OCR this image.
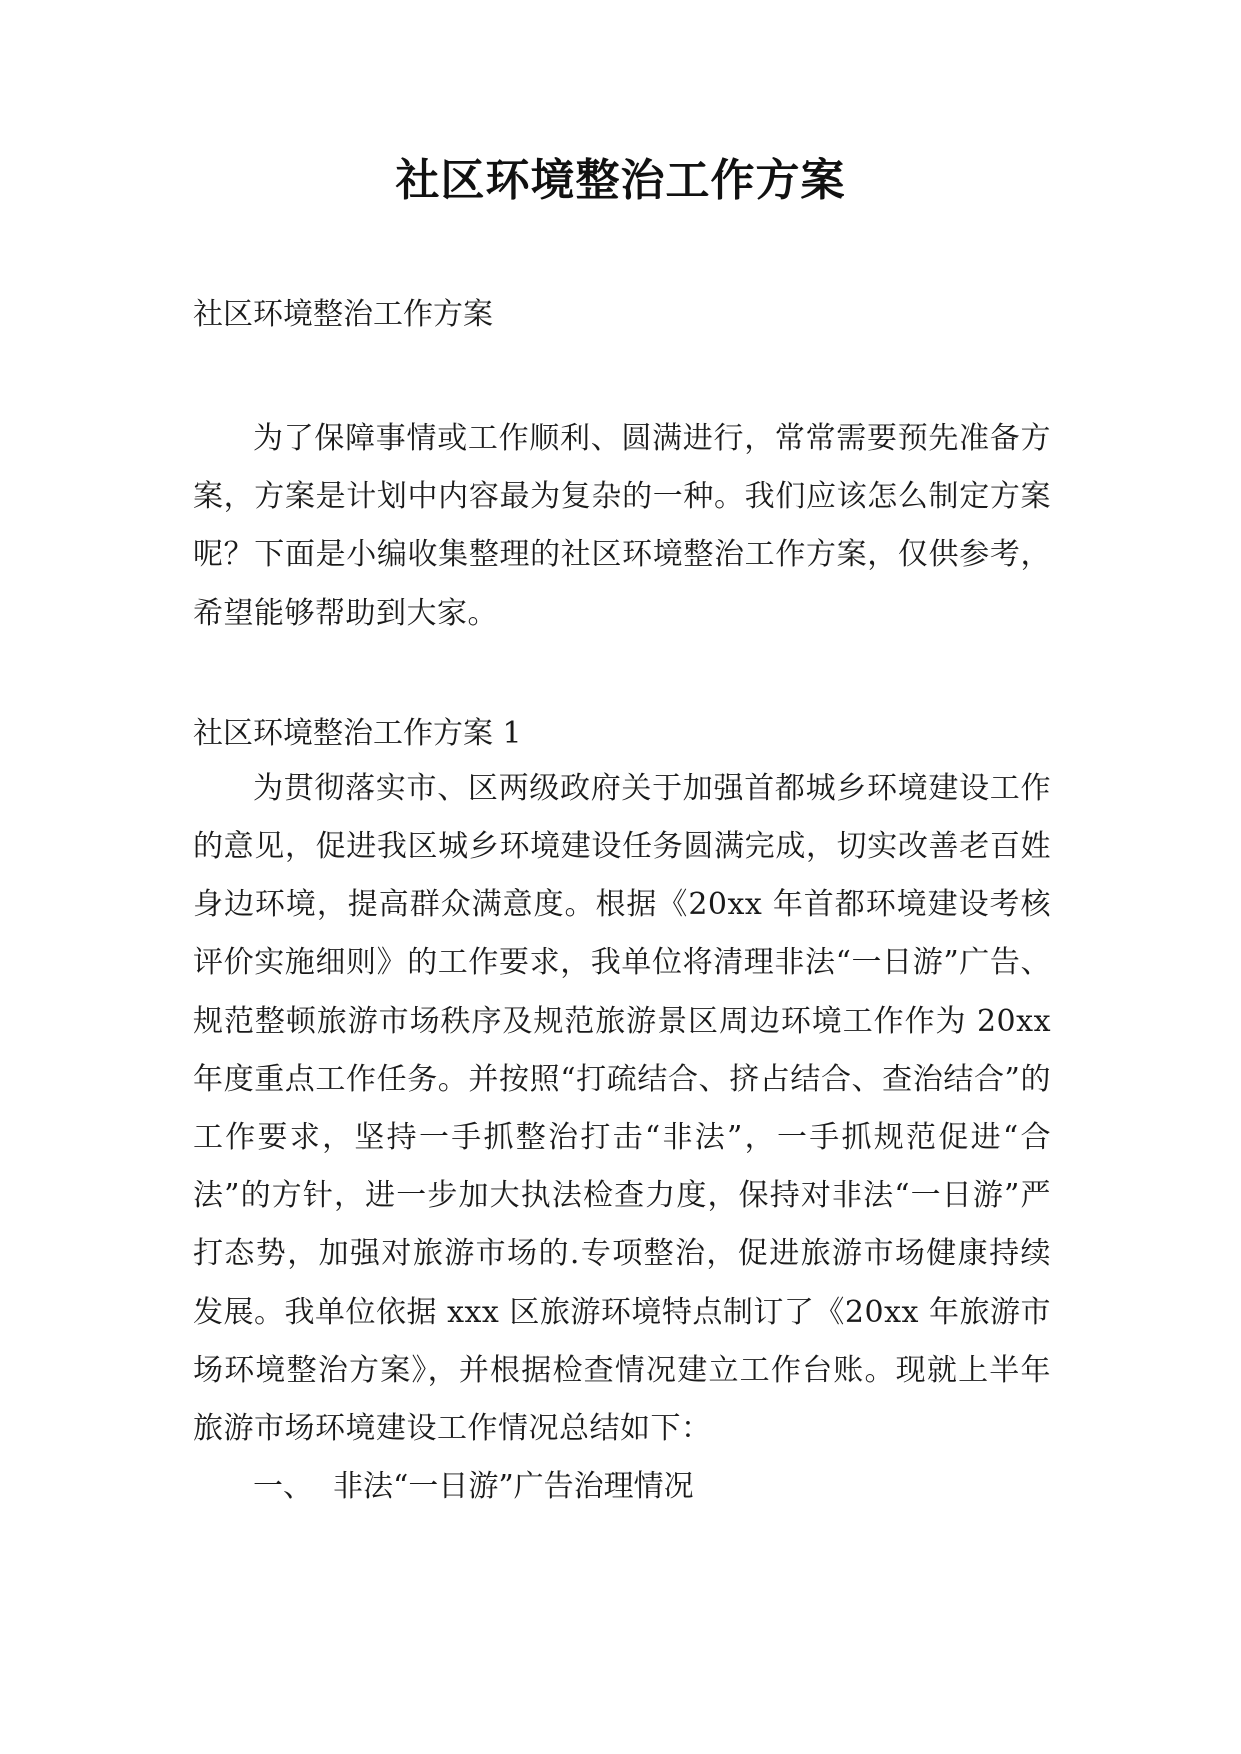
社区环境整治工作方案

社区环境整治工作方案

为了保障事情或工作顺利、圆满进行，常常需要预先准备方案，方案是计划中内容最为复杂的一种。我们应该怎么制定方案呢？下面是小编收集整理的社区环境整治工作方案，仅供参考，希望能够帮助到大家。

社区环境整治工作方案 1

为贯彻落实市、区两级政府关于加强首都城乡环境建设工作的意见，促进我区城乡环境建设任务圆满完成，切实改善老百姓身边环境，提高群众满意度。根据《20xx 年首都环境建设考核评价实施细则》的工作要求，我单位将清理非法“一日游”广告、规范整顿旅游市场秩序及规范旅游景区周边环境工作作为 20xx 年度重点工作任务。并按照“打疏结合、挤占结合、查治结合”的工作要求，坚持一手抓整治打击“非法”，一手抓规范促进“合法”的方针，进一步加大执法检查力度，保持对非法“一日游”严打态势，加强对旅游市场的.专项整治，促进旅游市场健康持续发展。我单位依据 xxx 区旅游环境特点制订了《20xx 年旅游市场环境整治方案》，并根据检查情况建立工作台账。现就上半年旅游市场环境建设工作情况总结如下：

一、 非法“一日游”广告治理情况
